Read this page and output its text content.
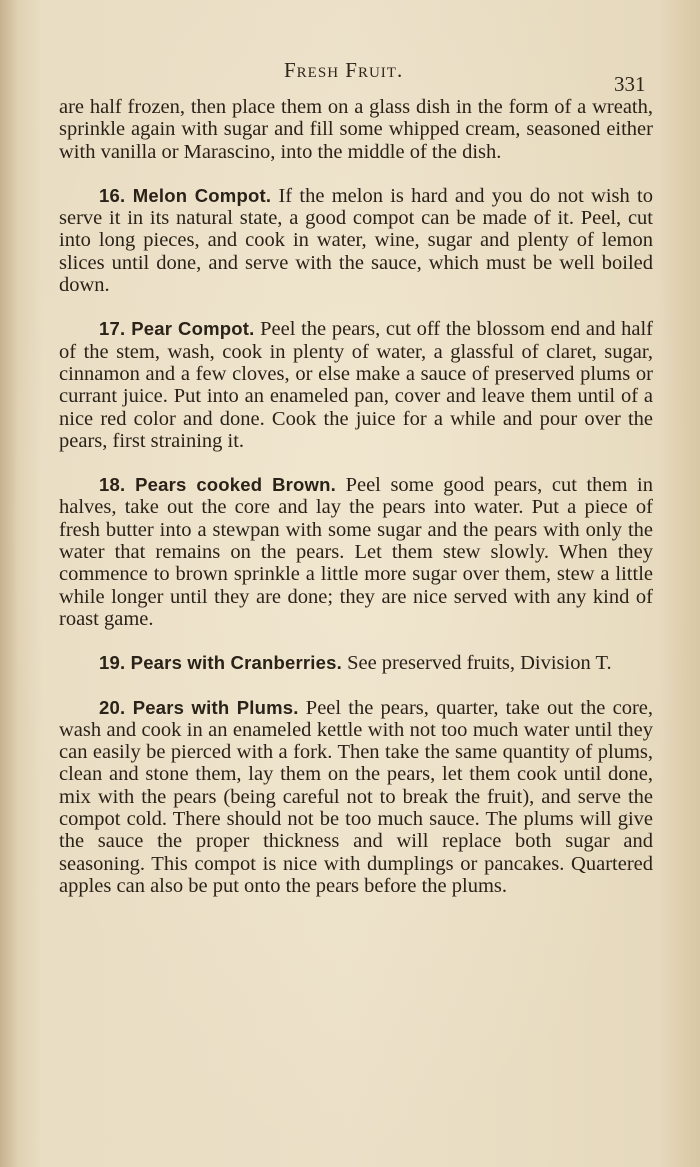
Fresh Fruit.
331

are half frozen, then place them on a glass dish in the form of a wreath, sprinkle again with sugar and fill some whipped cream, seasoned either with vanilla or Marascino, into the middle of the dish.

16. Melon Compot. If the melon is hard and you do not wish to serve it in its natural state, a good compot can be made of it. Peel, cut into long pieces, and cook in water, wine, sugar and plenty of lemon slices until done, and serve with the sauce, which must be well boiled down.

17. Pear Compot. Peel the pears, cut off the blossom end and half of the stem, wash, cook in plenty of water, a glassful of claret, sugar, cinnamon and a few cloves, or else make a sauce of preserved plums or currant juice. Put into an enameled pan, cover and leave them until of a nice red color and done. Cook the juice for a while and pour over the pears, first straining it.

18. Pears cooked Brown. Peel some good pears, cut them in halves, take out the core and lay the pears into water. Put a piece of fresh butter into a stewpan with some sugar and the pears with only the water that remains on the pears. Let them stew slowly. When they commence to brown sprinkle a little more sugar over them, stew a little while longer until they are done; they are nice served with any kind of roast game.

19. Pears with Cranberries. See preserved fruits, Division T.

20. Pears with Plums. Peel the pears, quarter, take out the core, wash and cook in an enameled kettle with not too much water until they can easily be pierced with a fork. Then take the same quantity of plums, clean and stone them, lay them on the pears, let them cook until done, mix with the pears (being careful not to break the fruit), and serve the compot cold. There should not be too much sauce. The plums will give the sauce the proper thickness and will replace both sugar and seasoning. This compot is nice with dumplings or pancakes. Quartered apples can also be put onto the pears before the plums.
